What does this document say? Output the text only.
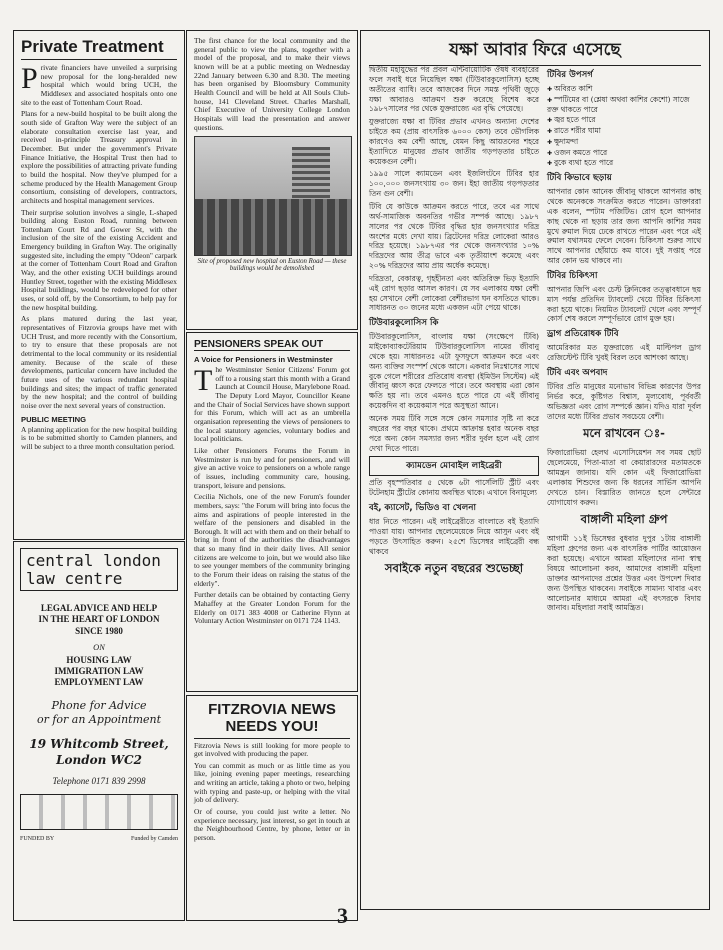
Private Treatment
P rivate financiers have unveiled a surprising new proposal for the long-heralded new hospital which would bring UCH, the Middlesex and associated hospitals onto one site to the east of Tottenham Court Road.

Plans for a new-build hospital to be built along the south side of Grafton Way were the subject of an elaborate consultation exercise last year, and received in-principle Treasury approval in December. But under the government's Private Finance Initiative, the Hospital Trust then had to explore the possibilities of attracting private funding to build the hospital. Now they've plumped for a scheme produced by the Health Management Group consortium, consisting of developers, contractors, architects and hospital management services.

Their surprise solution involves a single, L-shaped building along Euston Road, running between Tottenham Court Rd and Gower St, with the inclusion of the site of the existing Accident and Emergency building in Grafton Way. The originally suggested site, including the empty "Odeon" carpark at the corner of Tottenham Court Road and Grafton Way, and the other existing UCH buildings around Huntley Street, together with the existing Middlesex Hospital buildings, would be redeveloped for other uses, or sold off, by the Consortium, to help pay for the new hospital building.

As plans matured during the last year, representatives of Fitzrovia groups have met with UCH Trust, and more recently with the Consortium, to try to ensure that these proposals are not detrimental to the local community or its residential amenity. Because of the scale of these developments, particular concern have included the future uses of the various redundant hospital buildings and sites; the impact of traffic generated by the new hospital; and the control of building noise over the next several years of construction.

PUBLIC MEETING

A planning application for the new hospital building is to be submitted shortly to Camden planners, and will be subject to a three month consultation period.

The first chance for the local community and the general public to view the plans, together with a model of the proposal, and to make their views known will be at a public meeting on Wednesday 22nd January between 6.30 and 8.30. The meeting has been organised by Bloomsbury Community Health Council and will be held at All Souls Club-house, 141 Cleveland Street. Charles Marshall, Chief Executive of University College London Hospitals will lead the presentation and answer questions.

Site of proposed new hospital on Euston Road — these buildings would be demolished

PENSIONERS SPEAK OUT
A Voice for Pensioners in Westminster
T he Westminster Senior Citizens' Forum got off to a rousing start this month with a Grand Launch at Council House, Marylebone Road. The Deputy Lord Mayor, Councillor Keane and the Chair of Social Services have shown support for this Forum, which will act as an umbrella organisation representing the views of pensioners to the local statutory agencies, voluntary bodies and local politicians.

Like other Pensioners Forums the Forum in Westminster is run by and for pensioners, and will give an active voice to pensioners on a whole range of issues, including community care, housing, transport, leisure and pensions.

Cecilia Nichols, one of the new Forum's founder members, says: "the Forum will bring into focus the aims and aspirations of people interested in the welfare of the pensioners and disabled in the Borough. It will act with them and on their behalf to bring in front of the authorities the disadvantages that so many find in their daily lives. All senior citizens are welcome to join, but we would also like to see younger members of the community bringing to the Forum their ideas on raising the status of the elderly".

Further details can be obtained by contacting Gerry Mahaffey at the Greater London Forum for the Elderly on 0171 383 4008 or Catherine Flynn at Voluntary Action Westminster on 0171 724 1143.

central london
law centre

LEGAL ADVICE AND HELP
IN THE HEART OF LONDON
SINCE 1980

ON

HOUSING LAW
IMMIGRATION LAW
EMPLOYMENT LAW

Phone for Advice
or for an Appointment

19 Whitcomb Street,
London WC2

Telephone 0171 839 2998

FUNDED BY	Funded by Camden
FITZROVIA NEWS NEEDS YOU!

Fitzrovia News is still looking for more people to get involved with producing the paper.

You can commit as much or as little time as you like, joining evening paper meetings, researching and writing an article, taking a photo or two, helping with typing and paste-up, or helping with the vital job of delivery.

Or of course, you could just write a letter. No experience necessary, just interest, so get in touch at the Neighbourhood Centre, by phone, letter or in person.

যক্ষা আবার ফিরে এসেছে
দ্বিতীয় মহাযুদ্ধের পর প্রবল এন্টিবায়োটিক ঔষধ ব্যবহারের ফলে সবাই ধরে নিয়েছিল যক্ষা (টিউবারকুলোসিস) হচ্ছে অতীতের ব্যাধি। তবে আজকের দিনে সমস্ত পৃথিবী জুড়ে যক্ষা আবারও আক্রমণ শুরু করেছে বিশেষ করে ১৯৮৭সালের পর থেকে যুক্তরাজ্যে এর বৃদ্ধি পেয়েছে।
যুক্তরাজ্যে যক্ষা বা টিবির প্রভাব এখনও অন্যান্য দেশের চাইতে কম (প্রায় বাৎসরিক ৬০০০ কেস) তবে ভৌগলিক কারণেও কম বেশী আছে, যেমন কিছু আয়তনের শহরে ইত্যাদিতে মানুষের প্রভাব জাতীয় গড়পড়তার চাইতে কয়েকগুন বেশী।
১৯৯৫ সালে ক্যামডেন এবং ইজলিংটনে টিবির হার ১০০,০০০ জনসংখ্যায় ৩০ জন। ইহা জাতীয় গড়পড়তার তিন গুন বেশী।
টিবি যে কাউকে আক্রমন করতে পারে, তবে এর সাথে অর্থ-সামাজিক অবনতির গভীর সম্পর্ক আছে। ১৯৮৭ সালের পর থেকে টিবির বৃদ্ধির হার জনসংখ্যার দরিদ্র অংশের মধ্যে দেখা যায়। ব্রিটেনের দরিদ্র লোকেরা আরও দরিদ্র হয়েছে। ১৯৮৭এর পর থেকে জনসংখ্যার ১০% দরিদ্রদের আয় তীব্র ভাবে এক তৃতীয়াংশ কমেছে এবং ২০% দরিদ্রদের আয় প্রায় অর্ধেক কমেছে।
দরিদ্রতা, বেকারত্ব, গৃহহীনতা এবং অতিরিক্ত ভিড় ইত্যাদি এই রোগ ছড়ার আসল কারণ। যে সব এলাকায় যক্ষা বেশী হয় সেখানে বেশী লোকেরা বেশীরভাগ ঘন বসতিতে থাকে। সাধারনত ৩০ জনের মধ্যে একজন এটা পেয়ে থাকে।
টিউবারকুলোসিস কি
টিউবারকুলোসিস, বাংলায় যক্ষা (সংক্ষেপে টিবি) মাইকোব্যাকটেরিয়াম টিউবারকুলোসিস নামের জীবানু থেকে হয়। সাধারনতঃ এটা ফুসফুসে আক্রমন করে এবং অন্য ব্যক্তির সংস্পর্শ থেকে আসে। একবার নিঃশ্বাসের সাথে বুকে গেলে শরীরের প্রতিরোধ ব্যবস্থা (ইমিউন সিস্টেম) এই জীবানু ধ্বংস করে ফেলতে পারে। তবে অবস্থায় এরা কোন ক্ষতি হয় না। তবে এমনও হতে পারে যে এই জীবানু কয়েকদিন বা কয়েকমাস পরে অসুস্থতা আনে।
অনেক সময় টিবি সঙ্গে সঙ্গে কোন সমস্যার সৃষ্টি না করে বছরের পর বছর থাকে। প্রথমে আক্রান্ত হবার অনেক বছর পরে অন্য কোন সমস্যার জন্য শরীর দুর্বল হলে এই রোগ দেখা দিতে পারে।
ক্যামডেন মোবাইল লাইব্রেরী
প্রতি বৃহস্পতিবার ৫ থেকে ৬টা পার্সেলিটি স্ট্রীট এবং টটেনহাম স্ট্রীটের কোনায় অবস্থিত থাকে। এখানে বিনামূল্যে
বই, ক্যাসেট, ভিডিও বা খেলনা
ধার নিতে পারেন। এই লাইব্রেরীতে বাংলাতে বই ইত্যাদি পাওয়া যায়। আপনার ছেলেমেয়েকে নিয়ে আসুন এবং বই পড়তে উৎসাহিত করুন। ২৫শে ডিসেম্বর লাইব্রেরী বন্ধ থাকবে
সবাইকে নতুন বছরের শুভেচ্ছা
টিবির উপসর্গ
✚ অবিরত কাশি
✚ স্পটিমের বা (শ্লেষা অথবা কাশির কেশো) সাজে রক্ত থাকতে পারে
✚ জ্বর হতে পারে
✚ রাতে শরীর ঘামা
✚ ক্ষুদামন্দা
✚ ওজন কমতে পারে
✚ বুকে ব্যথা হতে পারে
টিবি কিভাবে ছড়ায়
আপনার কোন আনেক জীবানু থাকলে আপনার কাছ থেকে অনেককে সংক্রমিত করতে পারেন। ডাক্তাররা এক বলেন, স্পটাম পজিটিভ। রোগ হলে আপনার কাছ থেকে না ছড়ায় তার জন্য আপনি কাশির সময় মুখে রুমাল দিয়ে ঢেকে রাখতে পারেন এবং পরে এই রুমাল যথাসময় ফেলে দেবেন। চিকিৎসা শুরুর সাথে সাথে আপনার ছোঁয়াচে কম যাবে। দুই সপ্তাহ পরে আর কোন ভয় থাকবে না।
টিবির চিকিৎসা
আপনার জিপি এবং চেস্ট ক্লিনিকের তত্ত্বাবধানে ছয় মাস পর্যন্ত প্রতিদিন ট্যাবলেট খেয়ে টিবির চিকিৎসা করা হয়ে থাকে। নিয়মিত ট্যাবলেট খেলে এবং সম্পূর্ণ কোর্স শেষ করলে সম্পূর্ণভাবে রোগ মুক্ত হয়।
ড্রাগ প্রতিরোধক টিবি
আমেরিকার মত যুক্তরাজ্যে এই মাল্টিপল ড্রাগ রেজিস্টেন্ট টিবি খুবই বিরল তবে আশংকা আছে।
টিবি এবং অপবাদ
টিবির প্রতি মানুষের মনোভাব বিভিন্ন কারণের উপর নির্ভর করে, কুষ্টিগত বিশ্বাস, মূল্যবোধ, পূর্ববর্তী অভিজ্ঞতা এবং রোগ সম্পর্কে জ্ঞান। যদিও যারা দূর্বল তাদের মধ্যে টিবির প্রভাব সবচেয়ে বেশী।
মনে রাখবেন ঃ-
ফিজারোভিয়া হেলথ এসোসিয়েশন সব সময় ছোট ছেলেমেয়ে, পিতা-মাতা বা কেয়ারারদের মতামতকে আমন্ত্রন জানায়। যদি কোন এই ফিজারোভিয়া এলাকায় শিশুদের জন্য কি ধরনের সার্ভিস আপনি দেখতে চান। বিস্তারিত জানতে হলে সেন্টারে যোগাযোগ করুন।
বাঙ্গালী মহিলা গ্রুপ
আগামী ১১ই ডিসেম্বর বুধবার দুপুর ১টায় বাঙ্গালী মহিলা গ্রুপের জন্য এক বাৎসরিক পার্টির আয়োজন করা হয়েছে। এখানে আমরা মহিলাদের নানা স্বাস্থ বিষয়ে আলোচনা করব, আমাদের বাঙ্গালী মহিলা ডাক্তার আপনাদের প্রশ্নের উত্তর এবং উপদেশ দিবার জন্য উপস্থিত থাকবেন। সবাইকে সামান্য খাবার এবং আলোচনার মাধ্যমে আমরা এই বৎসরকে বিদায় জানাব। মহিলারা সবাই আমন্ত্রিত।
3
